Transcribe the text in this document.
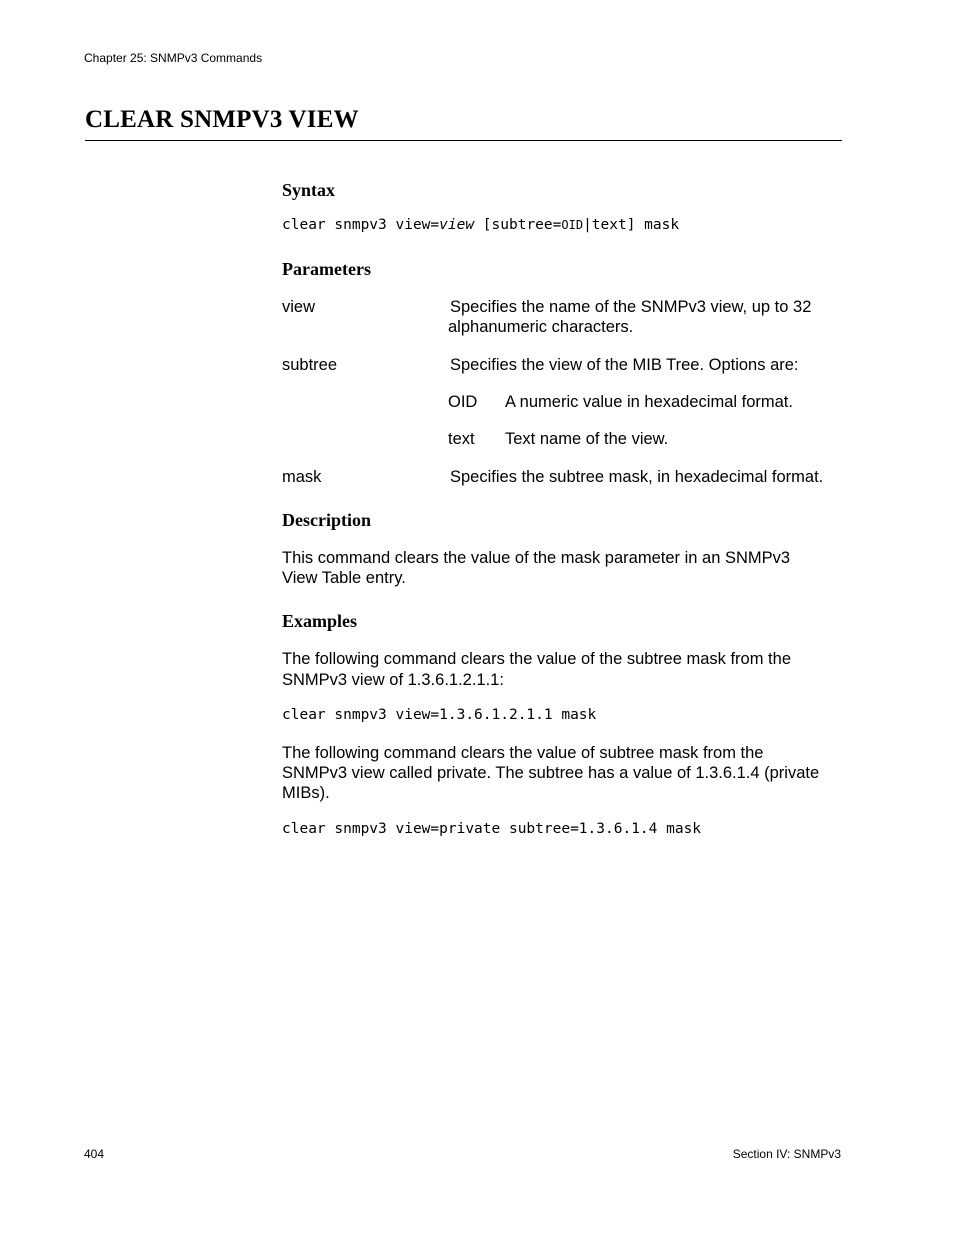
Chapter 25: SNMPv3 Commands
CLEAR SNMPV3 VIEW
Syntax
clear snmpv3 view=view [subtree=OID|text] mask
Parameters
view	Specifies the name of the SNMPv3 view, up to 32
alphanumeric characters.
subtree	Specifies the view of the MIB Tree. Options are:
OID A numeric value in hexadecimal format.
text Text name of the view.
mask	Specifies the subtree mask, in hexadecimal format.
Description
This command clears the value of the mask parameter in an SNMPv3
View Table entry.
Examples
The following command clears the value of the subtree mask from the
SNMPv3 view of 1.3.6.1.2.1.1:
clear snmpv3 view=1.3.6.1.2.1.1 mask
The following command clears the value of subtree mask from the
SNMPv3 view called private. The subtree has a value of 1.3.6.1.4 (private
MIBs).
clear snmpv3 view=private subtree=1.3.6.1.4 mask
404	Section IV: SNMPv3
